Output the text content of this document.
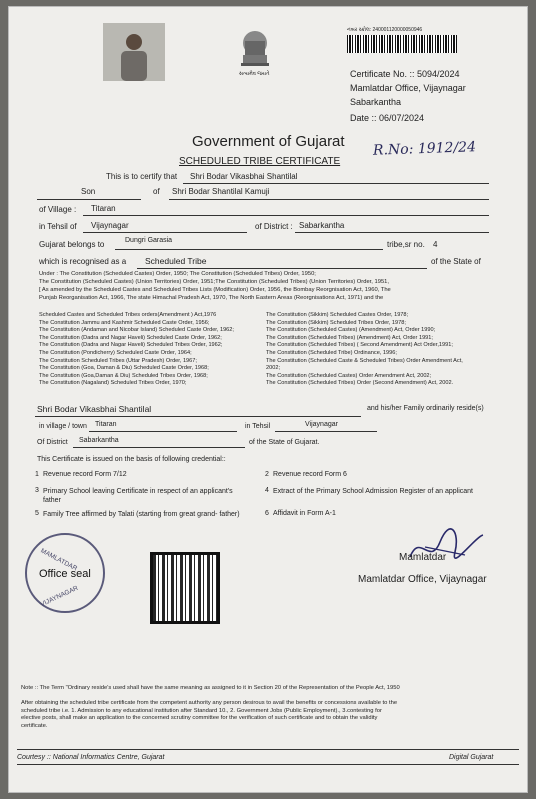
સત્યમેવ જયતે
નંબર સ્ક્રોલ: 240001120000050946
Certificate No. :: 5094/2024
Mamlatdar Office, Vijaynagar
Sabarkantha
Date :: 06/07/2024
Government of Gujarat
SCHEDULED TRIBE CERTIFICATE
R.No: 1912/24
This is to certify that Shri Bodar Vikasbhai Shantilal
Son	of Shri Bodar Shantilal Kamuji
of Village : Titaran
in Tehsil of Vijaynagar	of District : Sabarkantha
Gujarat belongs to	Dungri Garasia	tribe,sr no. 4
which is recognised as a Scheduled Tribe	of the State of
Under : The Constitution (Scheduled Castes) Order, 1950; The Constitution (Scheduled Tribes) Order, 1950;
The Constitution (Scheduled Castes) (Union Territories) Order, 1951;The Constitution (Scheduled Tribes) (Union Territories) Order, 1951,
[ As amended by the Scheduled Castes and Scheduled Tribes Lists (Modification) Order, 1956, the Bombay Reorgnisation Act, 1960, The
Punjab Reorganisation Act, 1966, The state Himachal Pradesh Act, 1970, The North Eastern Areas (Reorgnisations Act, 1971) and the
Scheduled Castes and Scheduled Tribes orders(Amendment ) Act,1976
The Constitution Jammu and Kashmir Scheduled Caste Order, 1956;
The Constitution (Andaman and Nicobar Island) Scheduled Caste Order, 1962;
The Constitution (Dadra and Nagar Haveli) Scheduled Caste Order, 1962;
The Constitution (Dadra and Nagar Haveli) Scheduled Tribes Order, 1962;
The Constitution (Pondicherry) Scheduled Caste Order, 1964;
The Constitution Scheduled Tribes (Uttar Pradesh) Order, 1967;
The Constitution (Goa, Daman & Diu) Scheduled Caste Order, 1968;
The Constitution (Goa,Daman & Diu) Scheduled Tribes Order, 1968;
The Constitution (Nagaland) Scheduled Tribes Order, 1970;
The Constitution (Sikkim) Scheduled Castes Order, 1978;
The Constitution (Sikkim) Scheduled Tribes Order, 1978;
The Constitution (Scheduled Castes) (Amendment) Act, Order 1990;
The Constitution (Scheduled Tribes) (Amendment) Act, Order 1991;
The Constitution (Scheduled Tribes) ( Second Amendment) Act Order,1991;
The Constitution (Scheduled Tribe) Ordinance, 1996;
The Constitution (Scheduled Caste & Scheduled Tribes) Order Amendment Act,
2002;
The Constitution (Scheduled Castes) Order Amendment Act, 2002;
The Constitution (Scheduled Tribes) Order (Second Amendment) Act, 2002.
Shri Bodar Vikasbhai Shantilal	and his/her Family ordinarily reside(s)
in village / town Titaran	in Tehsil	Vijaynagar
Of District Sabarkantha	of the State of Gujarat.
This Certificate is issued on the basis of following credential::
1 Revenue record Form 7/12	2 Revenue record Form 6
3 Primary School leaving Certificate in respect of an applicant's father
4 Extract of the Primary School Admission Register of an applicant
5 Family Tree affirmed by Talati (starting from great grand- father)	6 Affidavit in Form A-1
MAMLATDAR
Office seal
VIJAYNAGAR
Mamlatdar
Mamlatdar Office, Vijaynagar
Note :: The Term "Ordinary reside's used shall have the same meaning as assigned to it in Section 20 of the Representation of the People Act, 1950
After obtaining the scheduled tribe certificate from the competent authority any person desirous to avail the benefits or concessions available to the
scheduled tribe i.e. 1. Admission to any educational institution after Standard 10., 2. Government Jobs (Public Employment)., 3.contesting for
elective posts, shall make an application to the concerned scrutiny committee for the verification of such certificate and to obtain the validity
certificate.
Courtesy :: National Informatics Centre, Gujarat	Digital Gujarat
